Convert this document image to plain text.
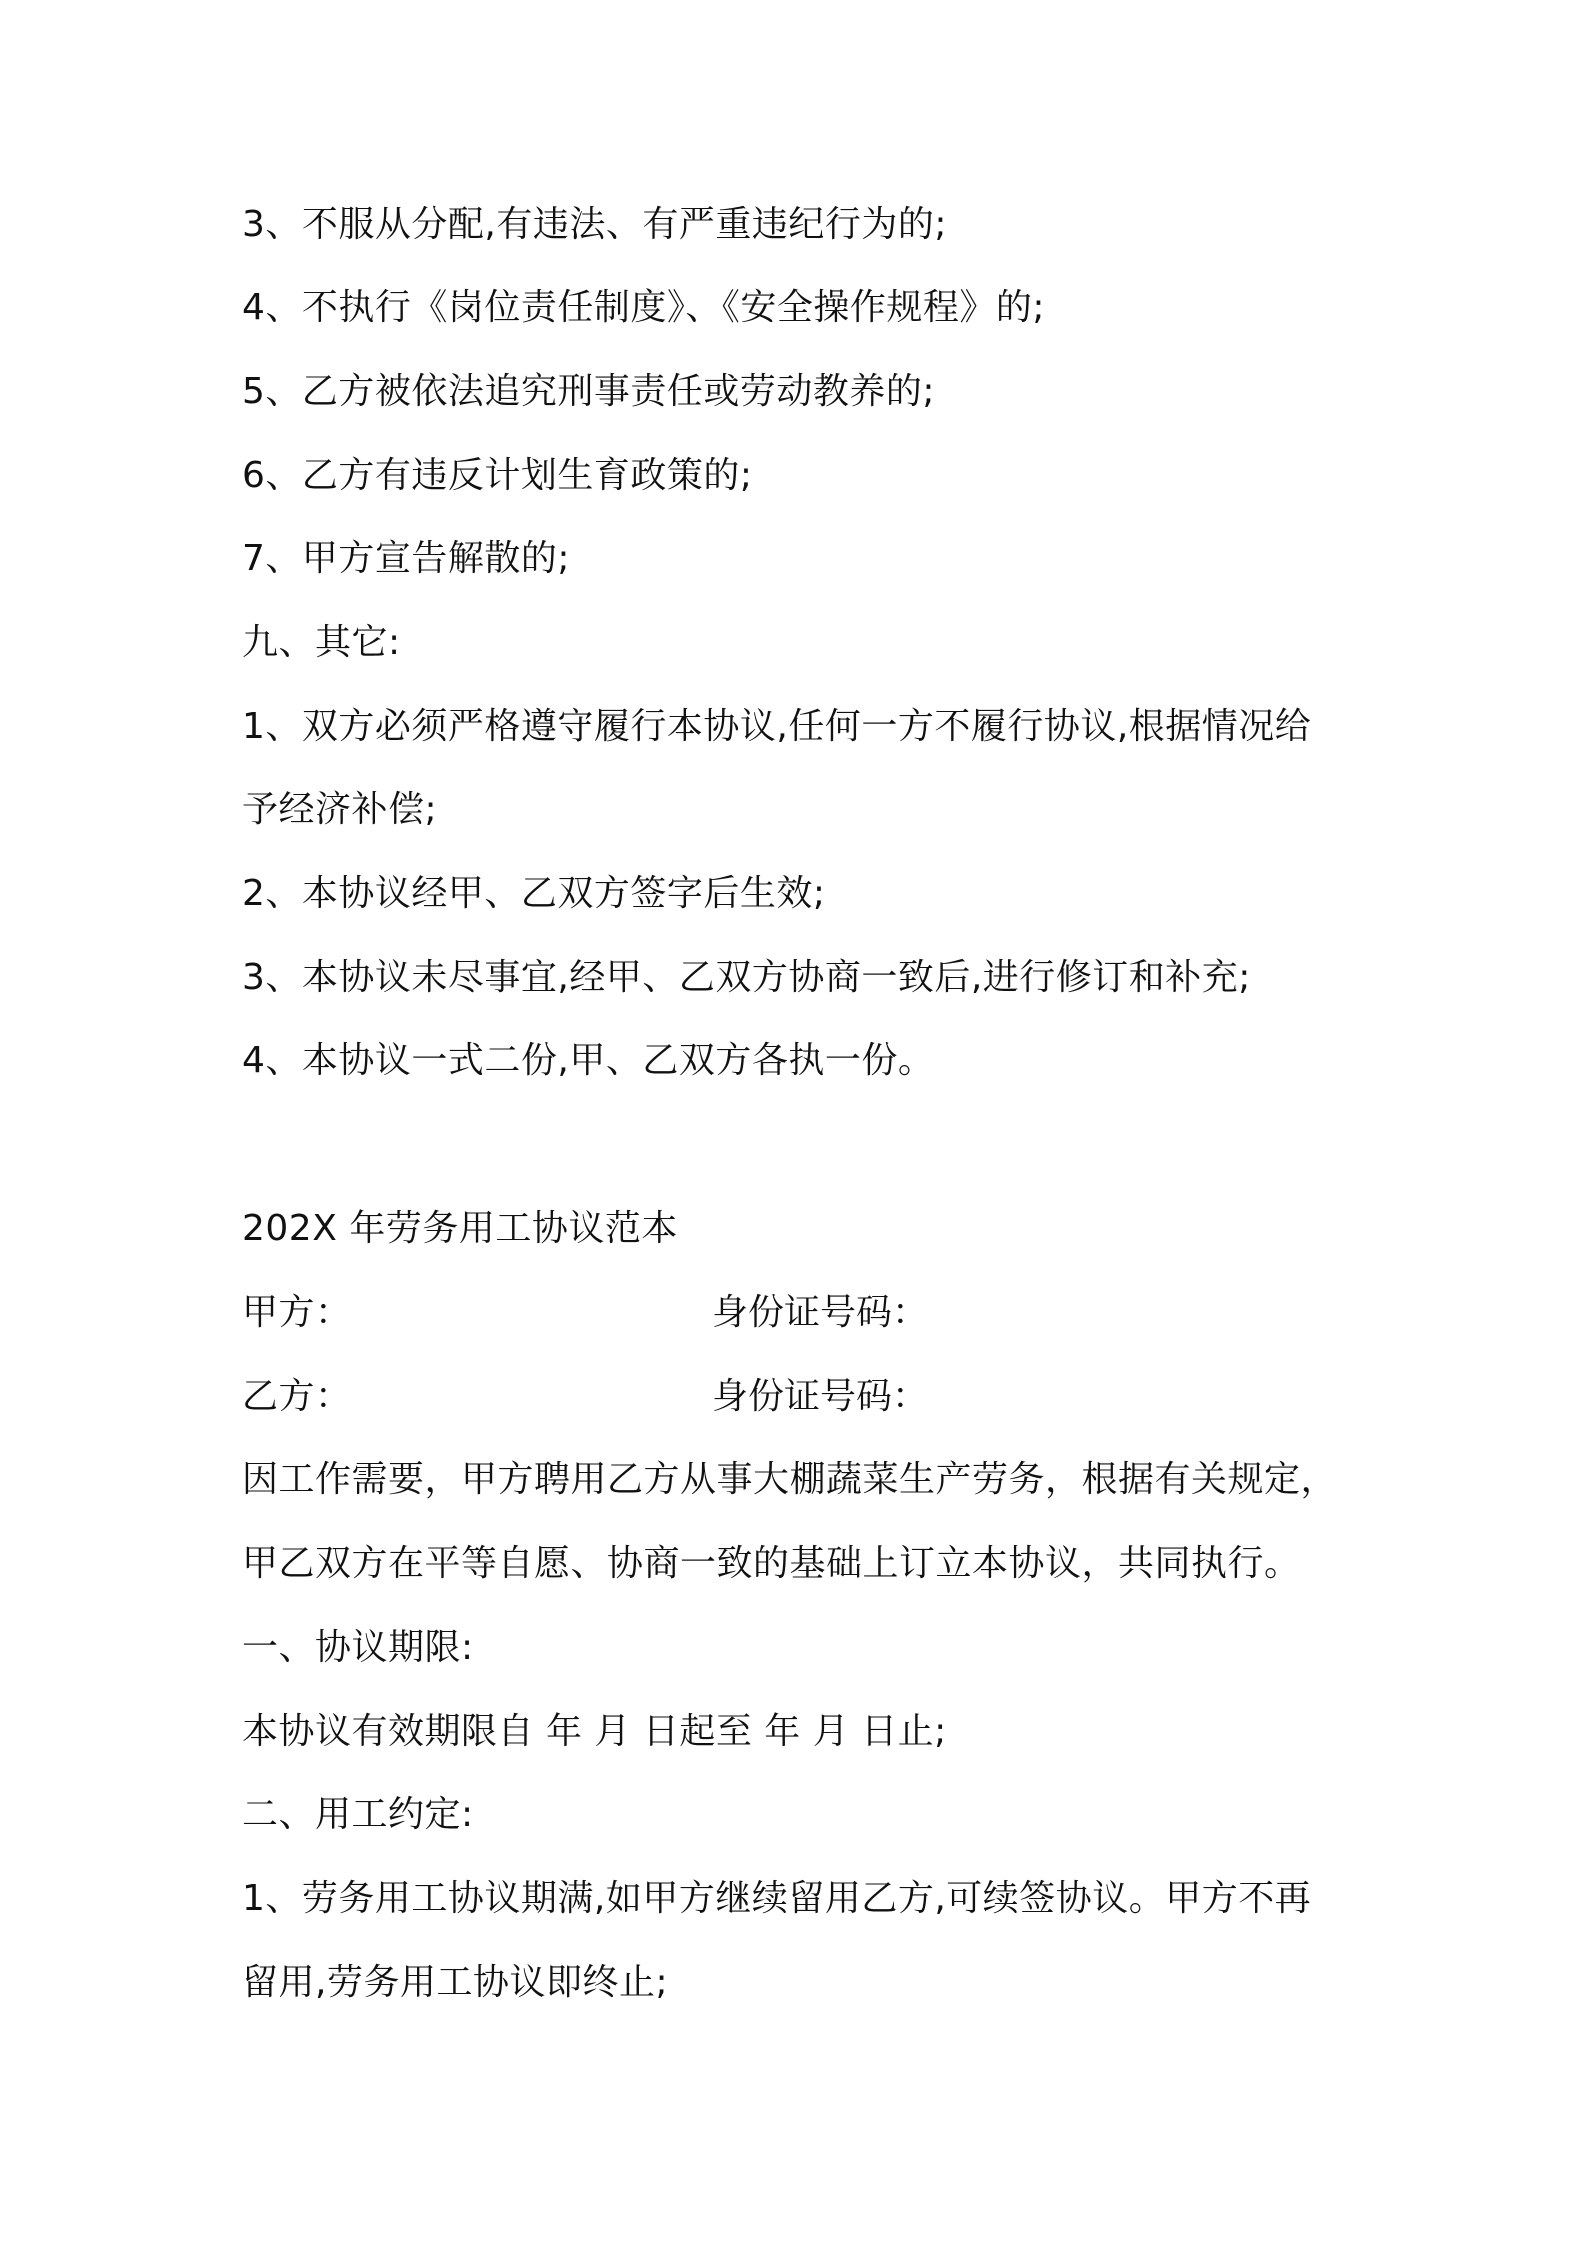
3、不服从分配,有违法、有严重违纪行为的;
4、不执行《岗位责任制度》、《安全操作规程》的;
5、乙方被依法追究刑事责任或劳动教养的;
6、乙方有违反计划生育政策的;
7、甲方宣告解散的;
九、其它:
1、双方必须严格遵守履行本协议,任何一方不履行协议,根据情况给
予经济补偿;
2、本协议经甲、乙双方签字后生效;
3、本协议未尽事宜,经甲、乙双方协商一致后,进行修订和补充;
4、本协议一式二份,甲、乙双方各执一份。
202X 年劳务用工协议范本
甲方：	身份证号码：
乙方：	身份证号码：
因工作需要，甲方聘用乙方从事大棚蔬菜生产劳务，根据有关规定，
甲乙双方在平等自愿、协商一致的基础上订立本协议，共同执行。
一、协议期限:
本协议有效期限自 年 月 日起至 年 月 日止;
二、用工约定:
1、劳务用工协议期满,如甲方继续留用乙方,可续签协议。甲方不再
留用,劳务用工协议即终止;
